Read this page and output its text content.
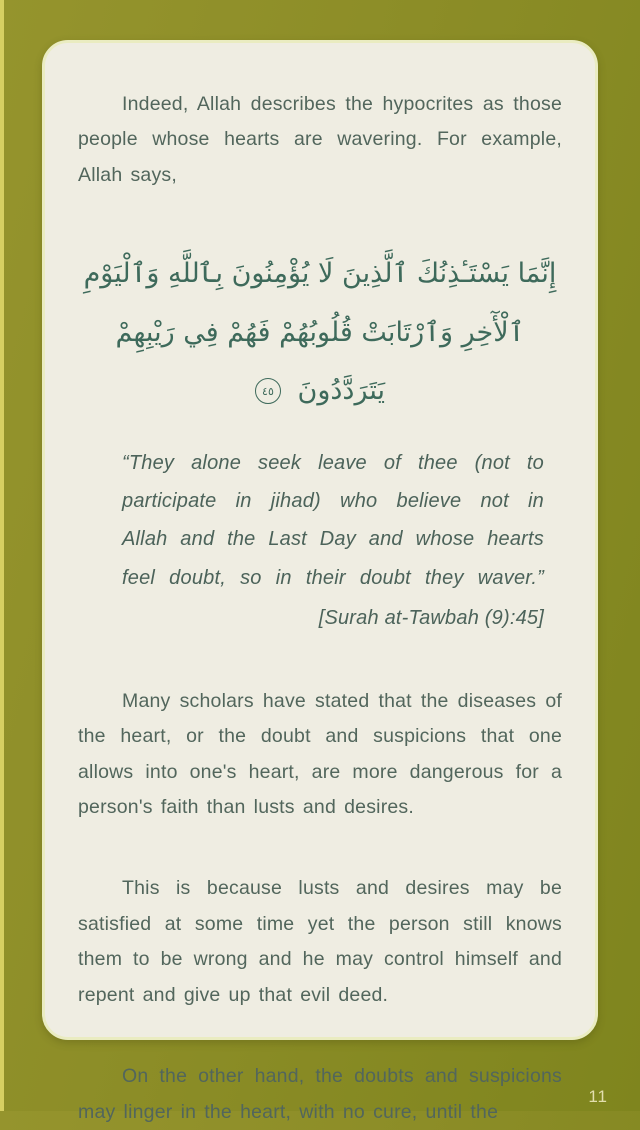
Indeed, Allah describes the hypocrites as those people whose hearts are wavering. For example, Allah says,

إِنَّمَا يَسْتَـٔذِنُكَ ٱلَّذِينَ لَا يُؤْمِنُونَ بِٱللَّهِ وَٱلْيَوْمِ
ٱلْأٓخِرِ وَٱرْتَابَتْ قُلُوبُهُمْ فَهُمْ فِي رَيْبِهِمْ يَتَرَدَّدُونَ ٤٥
“They alone seek leave of thee (not to
participate in jihad) who believe not in
Allah and the Last Day and whose hearts
feel doubt, so in their doubt they waver.”
[Surah at-Tawbah (9):45]

Many scholars have stated that the diseases of the heart, or the doubt and suspicions that one allows into one's heart, are more dangerous for a person's faith than lusts and desires.

This is because lusts and desires may be satisfied at some time yet the person still knows them to be wrong and he may control himself and repent and give up that evil deed.

On the other hand, the doubts and suspicions may linger in the heart, with no cure, until the

11
